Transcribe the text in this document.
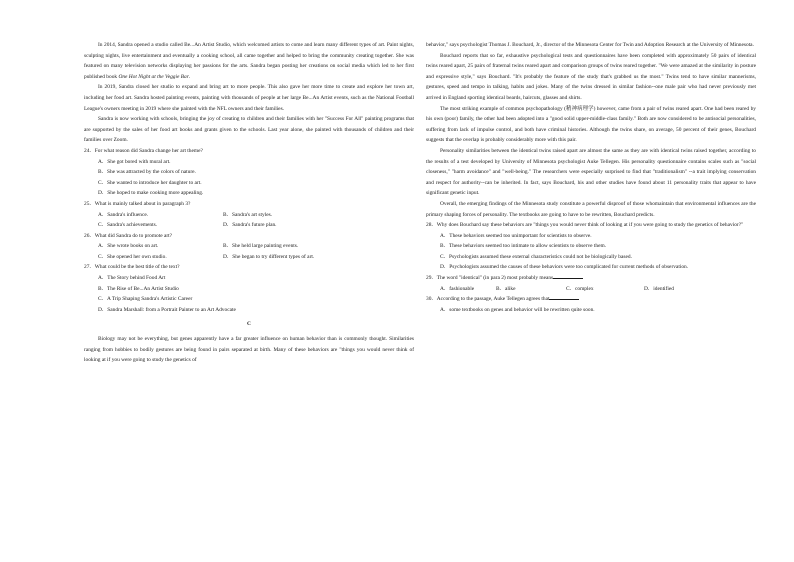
In 2014, Sandra opened a studio called Be...An Artist Studio, which welcomed artists to come and learn many different types of art. Paint nights, sculpting nights, live entertainment and eventually a cooking school, all came together and helped to bring the community creating together. She was featured on many television networks displaying her passions for the arts. Sandra began posting her creations on social media which led to her first published book One Hot Night at the Veggie Bar.

In 2019, Sandra closed her studio to expand and bring art to more people. This also gave her more time to create and explore her town art, including her food art. Sandra hosted painting events, painting with thousands of people at her large Be...An Artist events, such as the National Football League's owners meeting in 2019 where she painted with the NFL owners and their families.

Sandra is now working with schools, bringing the joy of creating to children and their families with her "Success For All" painting programs that are supported by the sales of her food art books and grants given to the schools. Last year alone, she painted with thousands of children and their families over Zoom.

24．For what reason did Sandra change her art theme?
A．She got bored with mural art.
B．She was attracted by the colors of nature.
C．She wanted to introduce her daughter to art.
D．She hoped to make cooking more appealing.
25．What is mainly talked about in paragraph 3?
A．Sandra's influence.	B．Sandra's art styles.
C．Sandra's achievements.	D．Sandra's future plan.
26．What did Sandra do to promote art?
A．She wrote books on art.	B．She held large painting events.
C．She opened her own studio.	D．She began to try different types of art.
27．What could be the best title of the text?
A．The Story behind Food Art
B．The Rise of Be...An Artist Studio
C．A Trip Shaping Sandra's Artistic Career
D．Sandra Marshall: from a Portrait Painter to an Art Advocate
C

Biology may not be everything, but genes apparently have a far greater influence on human behavior than is commonly thought. Similarities ranging from hobbies to bodily gestures are being found in pairs separated at birth. Many of these behaviors are "things you would never think of looking at if you were going to study the genetics of

behavior," says psychologist Thomas J. Bouchard, Jr., director of the Minnesota Center for Twin and Adoption Research at the University of Minnesota.

Bouchard reports that so far, exhaustive psychological tests and questionnaires have been completed with approximately 50 pairs of identical twins reared apart, 25 pairs of fraternal twins reared apart and comparison groups of twins reared together. "We were amazed at the similarity in posture and expressive style," says Bouchard. "It's probably the feature of the study that's grabbed us the most." Twins tend to have similar mannerisms, gestures, speed and tempo in talking, habits and jokes. Many of the twins dressed in similar fashion--one male pair who had never previously met arrived in England sporting identical beards, haircuts, glasses and shirts.

The most striking example of common psychopathology (精神病理学) however, came from a pair of twins reared apart. One had been reared by his own (poor) family, the other had been adopted into a "good solid upper-middle-class family." Both are now considered to be antisocial personalities, suffering from lack of impulse control, and both have criminal histories. Although the twins share, on average, 50 percent of their genes, Bouchard suggests that the overlap is probably considerably more with this pair.

Personality similarities between the identical twins raised apart are almost the same as they are with identical twins raised together, according to the results of a test developed by University of Minnesota psychologist Auke Tellegen. His personality questionnaire contains scales such as "social closeness," "harm avoidance" and "well-being." The researchers were especially surprised to find that "traditionalism" --a trait implying conservation and respect for authority--can be inherited. In fact, says Bouchard, his and other studies have found about 11 personality traits that appear to have significant genetic input.

Overall, the emerging findings of the Minnesota study constitute a powerful disproof of those whomaintain that environmental influences are the primary shaping forces of personality. The textbooks are going to have to be rewritten, Bouchard predicts.

28．Why does Bouchard say these behaviors are "things you would never think of looking at if you were going to study the genetics of behavior?"
A．These behaviors seemed too unimportant for scientists to observe.
B．These behaviors seemed too intimate to allow scientists to observe them.
C．Psychologists assumed these external characteristics could not be biologically based.
D．Psychologists assumed the causes of these behaviors were too complicated for current methods of observation.
29．The word "identical" (in para 2) most probably means
A．fashionable	B．alike	C．complex	D．identified
30．According to the passage, Auke Tellegen agrees that
A．some textbooks on genes and behavior will be rewritten quite soon.
